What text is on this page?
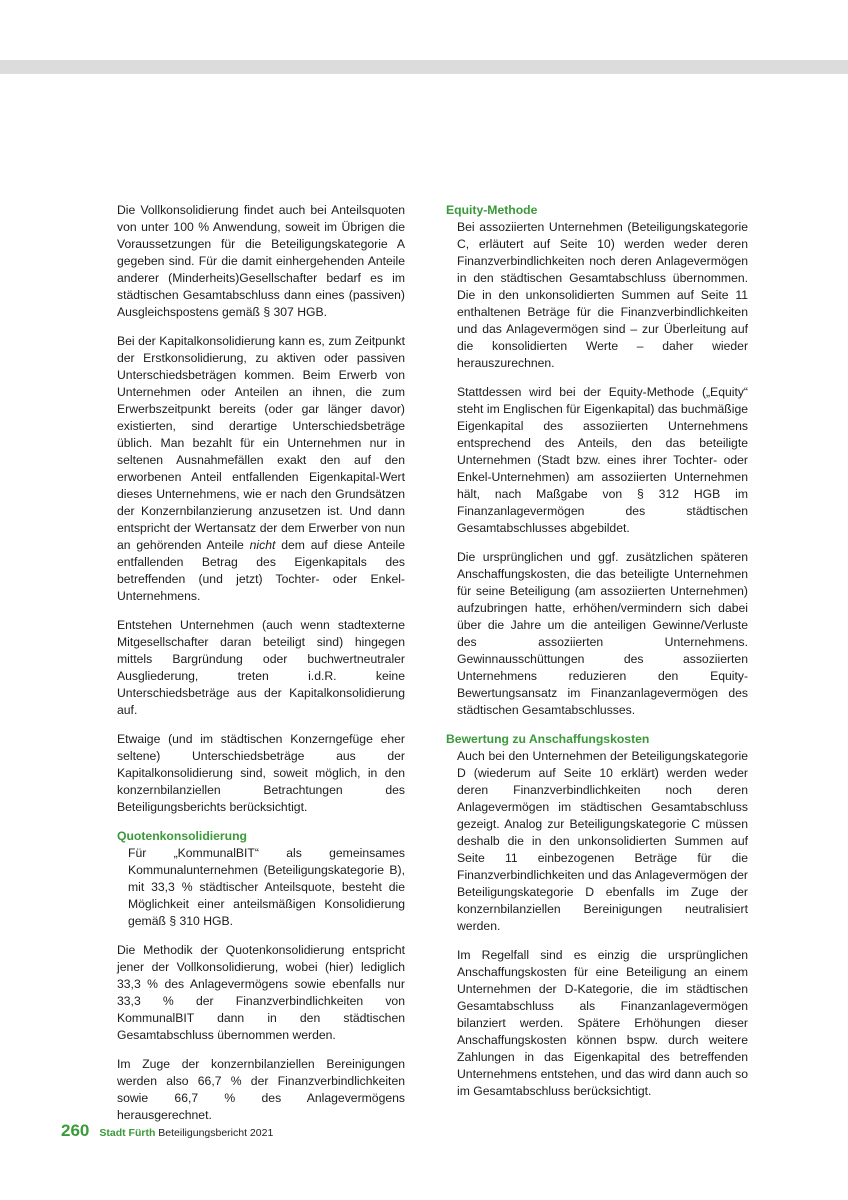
Die Vollkonsolidierung findet auch bei Anteilsquoten von unter 100 % Anwendung, soweit im Übrigen die Voraussetzungen für die Beteiligungskategorie A gegeben sind. Für die damit einhergehenden Anteile anderer (Minderheits)Gesellschafter bedarf es im städtischen Gesamtabschluss dann eines (passiven) Ausgleichspostens gemäß § 307 HGB.

Bei der Kapitalkonsolidierung kann es, zum Zeitpunkt der Erstkonsolidierung, zu aktiven oder passiven Unterschiedsbeträgen kommen. Beim Erwerb von Unternehmen oder Anteilen an ihnen, die zum Erwerbszeitpunkt bereits (oder gar länger davor) existierten, sind derartige Unterschiedsbeträge üblich. Man bezahlt für ein Unternehmen nur in seltenen Ausnahmefällen exakt den auf den erworbenen Anteil entfallenden Eigenkapital-Wert dieses Unternehmens, wie er nach den Grundsätzen der Konzernbilanzierung anzusetzen ist. Und dann entspricht der Wertansatz der dem Erwerber von nun an gehörenden Anteile nicht dem auf diese Anteile entfallenden Betrag des Eigenkapitals des betreffenden (und jetzt) Tochter- oder Enkel-Unternehmens.

Entstehen Unternehmen (auch wenn stadtexterne Mitgesellschafter daran beteiligt sind) hingegen mittels Bargründung oder buchwertneutraler Ausgliederung, treten i.d.R. keine Unterschiedsbeträge aus der Kapitalkonsolidierung auf.

Etwaige (und im städtischen Konzerngefüge eher seltene) Unterschiedsbeträge aus der Kapitalkonsolidierung sind, soweit möglich, in den konzernbilanziellen Betrachtungen des Beteiligungsberichts berücksichtigt.

Quotenkonsolidierung

Für „KommunalBIT“ als gemeinsames Kommunalunternehmen (Beteiligungskategorie B), mit 33,3 % städtischer Anteilsquote, besteht die Möglichkeit einer anteilsmäßigen Konsolidierung gemäß § 310 HGB.

Die Methodik der Quotenkonsolidierung entspricht jener der Vollkonsolidierung, wobei (hier) lediglich 33,3 % des Anlagevermögens sowie ebenfalls nur 33,3 % der Finanzverbindlichkeiten von KommunalBIT dann in den städtischen Gesamtabschluss übernommen werden.

Im Zuge der konzernbilanziellen Bereinigungen werden also 66,7 % der Finanzverbindlichkeiten sowie 66,7 % des Anlagevermögens herausgerechnet.

Equity-Methode

Bei assoziierten Unternehmen (Beteiligungskategorie C, erläutert auf Seite 10) werden weder deren Finanzverbindlichkeiten noch deren Anlagevermögen in den städtischen Gesamtabschluss übernommen. Die in den unkonsolidierten Summen auf Seite 11 enthaltenen Beträge für die Finanzverbindlichkeiten und das Anlagevermögen sind – zur Überleitung auf die konsolidierten Werte – daher wieder herauszurechnen.

Stattdessen wird bei der Equity-Methode („Equity“ steht im Englischen für Eigenkapital) das buchmäßige Eigenkapital des assoziierten Unternehmens entsprechend des Anteils, den das beteiligte Unternehmen (Stadt bzw. eines ihrer Tochter- oder Enkel-Unternehmen) am assoziierten Unternehmen hält, nach Maßgabe von § 312 HGB im Finanzanlagevermögen des städtischen Gesamtabschlusses abgebildet.

Die ursprünglichen und ggf. zusätzlichen späteren Anschaffungskosten, die das beteiligte Unternehmen für seine Beteiligung (am assoziierten Unternehmen) aufzubringen hatte, erhöhen/vermindern sich dabei über die Jahre um die anteiligen Gewinne/Verluste des assoziierten Unternehmens. Gewinnausschüttungen des assoziierten Unternehmens reduzieren den Equity-Bewertungsansatz im Finanzanlagevermögen des städtischen Gesamtabschlusses.

Bewertung zu Anschaffungskosten

Auch bei den Unternehmen der Beteiligungskategorie D (wiederum auf Seite 10 erklärt) werden weder deren Finanzverbindlichkeiten noch deren Anlagevermögen im städtischen Gesamtabschluss gezeigt. Analog zur Beteiligungskategorie C müssen deshalb die in den unkonsolidierten Summen auf Seite 11 einbezogenen Beträge für die Finanzverbindlichkeiten und das Anlagevermögen der Beteiligungskategorie D ebenfalls im Zuge der konzernbilanziellen Bereinigungen neutralisiert werden.

Im Regelfall sind es einzig die ursprünglichen Anschaffungskosten für eine Beteiligung an einem Unternehmen der D-Kategorie, die im städtischen Gesamtabschluss als Finanzanlagevermögen bilanziert werden. Spätere Erhöhungen dieser Anschaffungskosten können bspw. durch weitere Zahlungen in das Eigenkapital des betreffenden Unternehmens entstehen, und das wird dann auch so im Gesamtabschluss berücksichtigt.

260 Stadt Fürth Beteiligungsbericht 2021
